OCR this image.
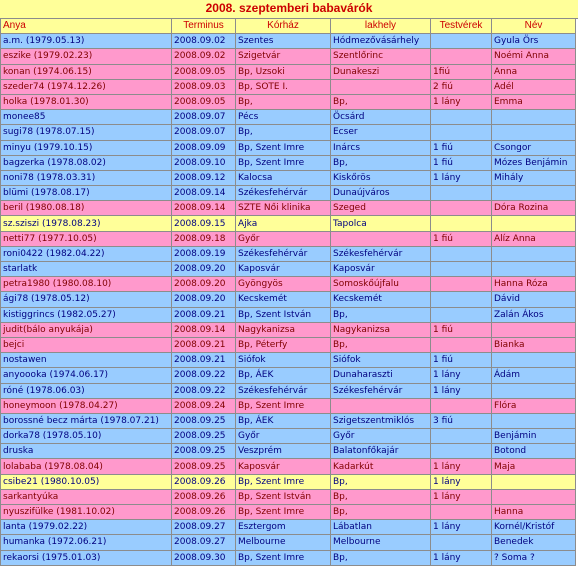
2008. szeptemberi babavárók
Anya	Terminus	Kórház	lakhely	Testvérek	Név
a.m. (1979.05.13)	2008.09.02	Szentes	Hódmezővásárhely		Gyula Örs
eszike (1979.02.23)	2008.09.02	Szigetvár	Szentlőrinc		Noémi Anna
konan (1974.06.15)	2008.09.05	Bp, Uzsoki	Dunakeszi	1fiú	Anna
szeder74 (1974.12.26)	2008.09.03	Bp, SOTE I.		2 fiú	Adél
holka (1978.01.30)	2008.09.05	Bp,	Bp,	1 lány	Emma
monee85	2008.09.07	Pécs	Öcsárd		
sugi78 (1978.07.15)	2008.09.07	Bp,	Ecser		
minyu (1979.10.15)	2008.09.09	Bp, Szent Imre	Inárcs	1 fiú	Csongor
bagzerka (1978.08.02)	2008.09.10	Bp, Szent Imre	Bp,	1 fiú	Mózes Benjámin
noni78 (1978.03.31)	2008.09.12	Kalocsa	Kiskőrös	1 lány	Mihály
blümi (1978.08.17)	2008.09.14	Székesfehérvár	Dunaújváros		
beril (1980.08.18)	2008.09.14	SZTE Női klinika	Szeged		Dóra Rozina
sz.sziszi (1978.08.23)	2008.09.15	Ajka	Tapolca		
netti77 (1977.10.05)	2008.09.18	Győr		1 fiú	Alíz Anna
roni0422 (1982.04.22)	2008.09.19	Székesfehérvár	Székesfehérvár		
starlatk	2008.09.20	Kaposvár	Kaposvár		
petra1980 (1980.08.10)	2008.09.20	Gyöngyös	Somoskőújfalu		Hanna Róza
ági78 (1978.05.12)	2008.09.20	Kecskemét	Kecskemét		Dávid
kistiggrincs (1982.05.27)	2008.09.21	Bp, Szent István	Bp,		Zalán Ákos
judit(bálo anyukája)	2008.09.14	Nagykanizsa	Nagykanizsa	1 fiú	
bejci	2008.09.21	Bp, Péterfy	Bp,		Bianka
nostawen	2008.09.21	Siófok	Siófok	1 fiú	
anyoooka (1974.06.17)	2008.09.22	Bp, ÁEK	Dunaharaszti	1 lány	Ádám
róné (1978.06.03)	2008.09.22	Székesfehérvár	Székesfehérvár	1 lány	
honeymoon (1978.04.27)	2008.09.24	Bp, Szent Imre			Flóra
borossné becz márta (1978.07.21)	2008.09.25	Bp, ÁEK	Szigetszentmiklós	3 fiú	
dorka78 (1978.05.10)	2008.09.25	Győr	Győr		Benjámin
druska	2008.09.25	Veszprém	Balatonfőkajár		Botond
lolababa (1978.08.04)	2008.09.25	Kaposvár	Kadarkút	1 lány	Maja
csibe21 (1980.10.05)	2008.09.26	Bp, Szent Imre	Bp,	1 lány	
sarkantyúka	2008.09.26	Bp, Szent István	Bp,	1 lány	
nyuszifülke (1981.10.02)	2008.09.26	Bp, Szent Imre	Bp,		Hanna
lanta (1979.02.22)	2008.09.27	Esztergom	Lábatlan	1 lány	Kornél/Kristóf
humanka (1972.06.21)	2008.09.27	Melbourne	Melbourne		Benedek
rekaorsi (1975.01.03)	2008.09.30	Bp, Szent Imre	Bp,	1 lány	? Soma ?
